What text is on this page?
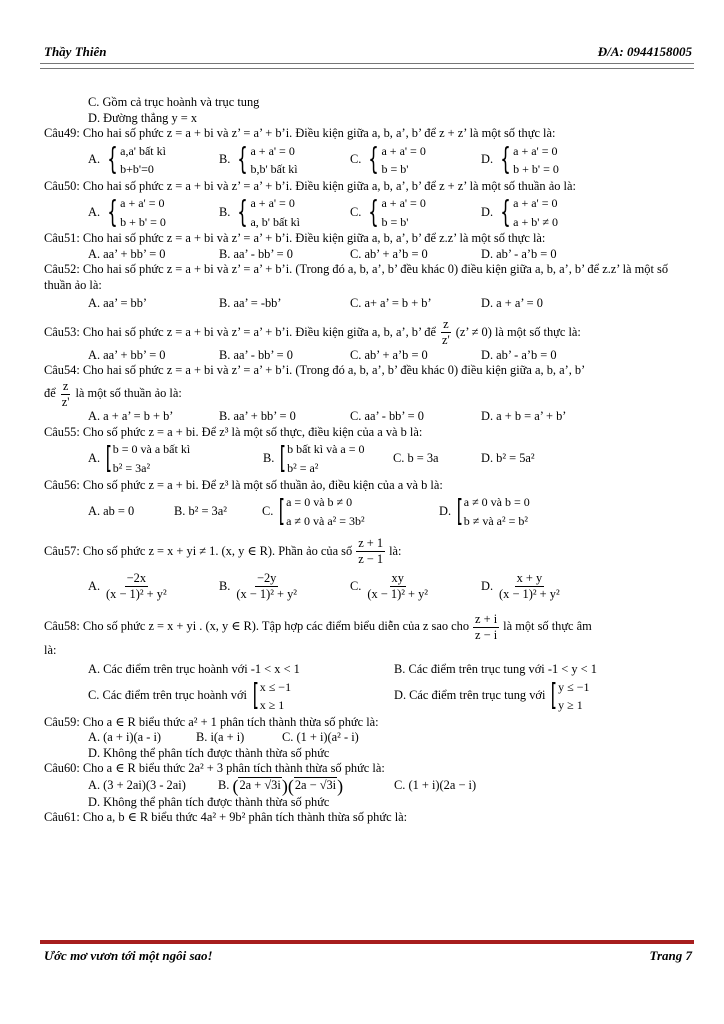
Thầy Thiên	Đ/A: 0944158005
C. Gồm cả trục hoành và trục tung
D. Đường thẳng y = x
Câu49: Cho hai số phức z = a + bi và z’ = a’ + b’i. Điều kiện giữa a, b, a’, b’ để z + z’ là một số thực là:
A. { a,a' bất kì
b+b'=0
B. { a + a' = 0
b,b' bất kì
C. { a + a' = 0
b = b'
D. { a + a' = 0
b + b' = 0
Câu50: Cho hai số phức z = a + bi và z’ = a’ + b’i. Điều kiện giữa a, b, a’, b’ để z + z’ là một số thuần ảo là:
A. { a + a' = 0
b + b' = 0
B. { a + a' = 0
a, b' bất kì
C. { a + a' = 0
b = b'
D. { a + a' = 0
a + b' ≠ 0
Câu51: Cho hai số phức z = a + bi và z’ = a’ + b’i. Điều kiện giữa a, b, a’, b’ để z.z’ là một số thực là:
A. aa’ + bb’ = 0	B. aa’ - bb’ = 0	C. ab’ + a’b = 0	D. ab’ - a’b = 0
Câu52: Cho hai số phức z = a + bi và z’ = a’ + b’i. (Trong đó a, b, a’, b’ đều khác 0) điều kiện giữa a, b, a’, b’ để z.z’ là một số thuần ảo là:
A. aa’ = bb’	B. aa’ = -bb’	C. a+ a’ = b + b’	D. a + a’ = 0
Câu53: Cho hai số phức z = a + bi và z’ = a’ + b’i. Điều kiện giữa a, b, a’, b’ để $\frac{z}{z'} (z$’ ≠ 0) là một số thực là:
A. aa’ + bb’ = 0	B. aa’ - bb’ = 0	C. ab’ + a’b = 0	D. ab’ - a’b = 0
Câu54: Cho hai số phức z = a + bi và z’ = a’ + b’i. (Trong đó a, b, a’, b’ đều khác 0) điều kiện giữa a, b, a’, b’
để $\frac{z}{z'}$ là một số thuần ảo là:
A. a + a’ = b + b’	B. aa’ + bb’ = 0	C. aa’ - bb’ = 0	D. a + b = a’ + b’
Câu55: Cho số phức z = a + bi. Để z³ là một số thực, điều kiện của a và b là:
A. [ b = 0 và a bất kì
b² = 3a²
B. [ b bất kì và a = 0
b² = a²
C. b = 3a	D. b² = 5a²
Câu56: Cho số phức z = a + bi. Để z³ là một số thuần ảo, điều kiện của a và b là:
A. ab = 0	B. b² = 3a²	C. [ a = 0 và b ≠ 0
a ≠ 0 và a² = 3b²
D. [ a ≠ 0 và b = 0
b ≠ và a² = b²
Câu57: Cho số phức z = x + yi ≠ 1. (x, y ∈ R). Phần ảo của số $\frac{z + 1}{z - 1}$ là:
A. $\frac{-2x}{\text{(x − 1)² + y²}}$	B. $\frac{-2y}{\text{(x − 1)² + y²}}$	C. $\frac{xy}{\text{(x − 1)² + y²}}$	D. $\frac{x + y}{\text{(x − 1)² + y²}}$
Câu58: Cho số phức z = x + yi . (x, y ∈ R). Tập hợp các điểm biểu diễn của z sao cho $\frac{z + i}{z - i}$ là một số thực âm
là:
A. Các điểm trên trục hoành với -1 < x < 1	B. Các điểm trên trục tung với -1 < y < 1
C. Các điểm trên trục hoành với [ x ≤ −1
x ≥ 1
D. Các điểm trên trục tung với [ y ≤ −1
y ≥ 1
Câu59: Cho a ∈ R biểu thức a² + 1 phân tích thành thừa số phức là:
A. (a + i)(a - i)	B. i(a + i)	C. (1 + i)(a² - i)
D. Không thể phân tích được thành thừa số phức
Câu60: Cho a ∈ R biểu thức 2a² + 3 phân tích thành thừa số phức là:
A. (3 + 2ai)(3 - 2ai)	B.
( 2a + √3i ) ( 2a − √3i )	C. (1 + i)(2a − i)
D. Không thể phân tích được thành thừa số phức
Câu61: Cho a, b ∈ R biểu thức 4a² + 9b² phân tích thành thừa số phức là:
Ước mơ vươn tới một ngôi sao!	Trang 7
